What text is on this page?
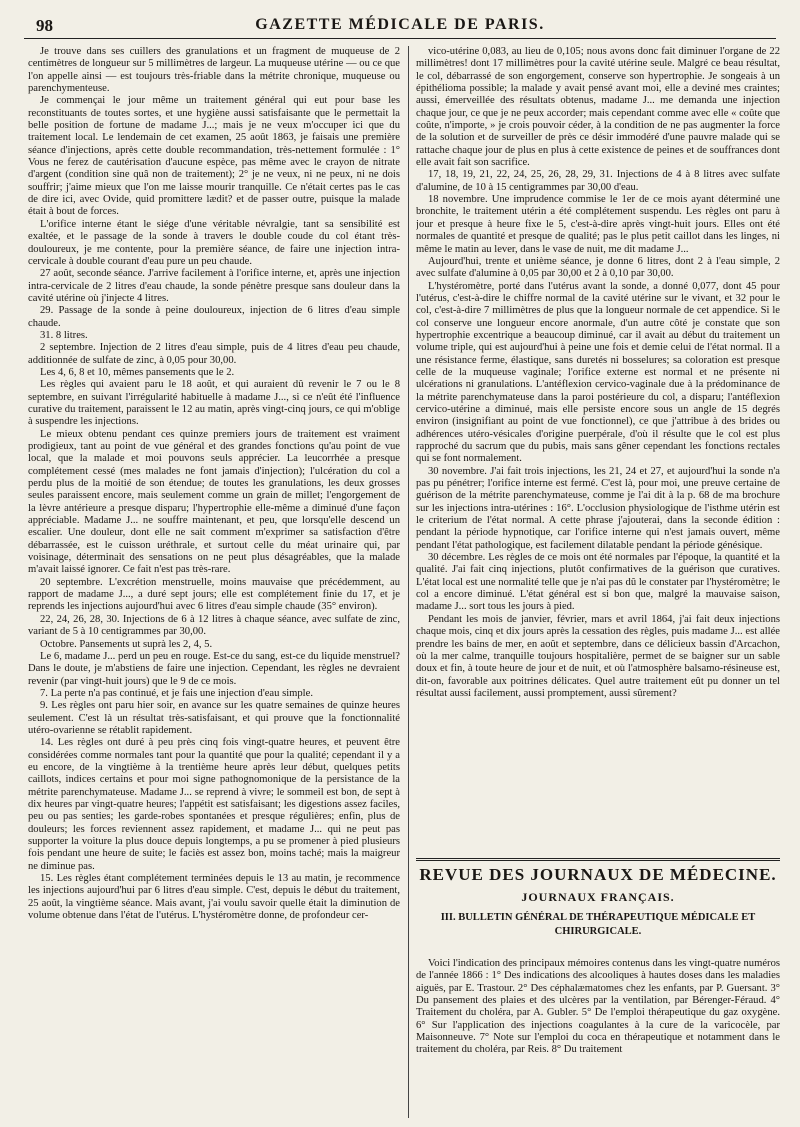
98	GAZETTE MÉDICALE DE PARIS.

Je trouve dans ses cuillers des granulations et un fragment de muqueuse de 2 centimètres de longueur sur 5 millimètres de largeur. La muqueuse utérine — ou ce que l'on appelle ainsi — est toujours très-friable dans la métrite chronique, muqueuse ou parenchymenteuse.

Je commençai le jour même un traitement général qui eut pour base les reconstituants de toutes sortes, et une hygiène aussi satisfaisante que le permettait la belle position de fortune de madame J...; mais je ne veux m'occuper ici que du traitement local. Le lendemain de cet examen, 25 août 1863, je faisais une première séance d'injections, après cette double recommandation, très-nettement formulée : 1° Vous ne ferez de cautérisation d'aucune espèce, pas même avec le crayon de nitrate d'argent (condition sine quâ non de traitement); 2° je ne veux, ni ne peux, ni ne dois souffrir; j'aime mieux que l'on me laisse mourir tranquille. Ce n'était certes pas le cas de dire ici, avec Ovide, quid promittere lædit? et de passer outre, puisque la malade était à bout de forces.

L'orifice interne étant le siége d'une véritable névralgie, tant sa sensibilité est exaltée, et le passage de la sonde à travers le double coude du col étant très-douloureux, je me contente, pour la première séance, de faire une injection intra-cervicale à double courant d'eau pure un peu chaude.

27 août, seconde séance. J'arrive facilement à l'orifice interne, et, après une injection intra-cervicale de 2 litres d'eau chaude, la sonde pénètre presque sans douleur dans la cavité utérine où j'injecte 4 litres.

29. Passage de la sonde à peine douloureux, injection de 6 litres d'eau simple chaude.

31. 8 litres.

2 septembre. Injection de 2 litres d'eau simple, puis de 4 litres d'eau peu chaude, additionnée de sulfate de zinc, à 0,05 pour 30,00.

Les 4, 6, 8 et 10, mêmes pansements que le 2.

Les règles qui avaient paru le 18 août, et qui auraient dû revenir le 7 ou le 8 septembre, en suivant l'irrégularité habituelle à madame J..., si ce n'eût été l'influence curative du traitement, paraissent le 12 au matin, après vingt-cinq jours, ce qui m'oblige à suspendre les injections.

Le mieux obtenu pendant ces quinze premiers jours de traitement est vraiment prodigieux, tant au point de vue général et des grandes fonctions qu'au point de vue local, que la malade et moi pouvons seuls apprécier. La leucorrhée a presque complétement cessé (mes malades ne font jamais d'injection); l'ulcération du col a perdu plus de la moitié de son étendue; de toutes les granulations, les deux grosses seules paraissent encore, mais seulement comme un grain de millet; l'engorgement de la lèvre antérieure a presque disparu; l'hypertrophie elle-même a diminué d'une façon appréciable. Madame J... ne souffre maintenant, et peu, que lorsqu'elle descend un escalier. Une douleur, dont elle ne sait comment m'exprimer sa satisfaction d'être débarrassée, est le cuisson uréthrale, et surtout celle du méat urinaire qui, par voisinage, déterminait des sensations on ne peut plus désagréables, que la malade m'avait laissé ignorer. Ce fait n'est pas très-rare.

20 septembre. L'excrétion menstruelle, moins mauvaise que précédemment, au rapport de madame J..., a duré sept jours; elle est complétement finie du 17, et je reprends les injections aujourd'hui avec 6 litres d'eau simple chaude (35° environ).

22, 24, 26, 28, 30. Injections de 6 à 12 litres à chaque séance, avec sulfate de zinc, variant de 5 à 10 centigrammes par 30,00.

Octobre. Pansements ut suprà les 2, 4, 5.

Le 6, madame J... perd un peu en rouge. Est-ce du sang, est-ce du liquide menstruel? Dans le doute, je m'abstiens de faire une injection. Cependant, les règles ne devraient revenir (par vingt-huit jours) que le 9 de ce mois.

7. La perte n'a pas continué, et je fais une injection d'eau simple.

9. Les règles ont paru hier soir, en avance sur les quatre semaines de quinze heures seulement. C'est là un résultat très-satisfaisant, et qui prouve que la fonctionnalité utéro-ovarienne se rétablit rapidement.

14. Les règles ont duré à peu près cinq fois vingt-quatre heures, et peuvent être considérées comme normales tant pour la quantité que pour la qualité; cependant il y a eu encore, de la vingtième à la trentième heure après leur début, quelques petits caillots, indices certains et pour moi signe pathognomonique de la persistance de la métrite parenchymateuse. Madame J... se reprend à vivre; le sommeil est bon, de sept à dix heures par vingt-quatre heures; l'appétit est satisfaisant; les digestions assez faciles, peu ou pas senties; les garde-robes spontanées et presque régulières; enfin, plus de douleurs; les forces reviennent assez rapidement, et madame J... qui ne peut pas supporter la voiture la plus douce depuis longtemps, a pu se promener à pied plusieurs fois pendant une heure de suite; le faciès est assez bon, moins taché; mais la maigreur ne diminue pas.

15. Les règles étant complétement terminées depuis le 13 au matin, je recommence les injections aujourd'hui par 6 litres d'eau simple. C'est, depuis le début du traitement, 25 août, la vingtième séance. Mais avant, j'ai voulu savoir quelle était la diminution de volume obtenue dans l'état de l'utérus. L'hystéromètre donne, de profondeur cer-

vico-utérine 0,083, au lieu de 0,105; nous avons donc fait diminuer l'organe de 22 millimètres! dont 17 millimètres pour la cavité utérine seule. Malgré ce beau résultat, le col, débarrassé de son engorgement, conserve son hypertrophie. Je songeais à un épithélioma possible; la malade y avait pensé avant moi, elle a deviné mes craintes; aussi, émerveillée des résultats obtenus, madame J... me demanda une injection chaque jour, ce que je ne peux accorder; mais cependant comme avec elle « coûte que coûte, n'importe, » je crois pouvoir céder, à la condition de ne pas augmenter la force de la solution et de surveiller de près ce désir immodéré d'une pauvre malade qui se rattache chaque jour de plus en plus à cette existence de peines et de souffrances dont elle avait fait son sacrifice.

17, 18, 19, 21, 22, 24, 25, 26, 28, 29, 31. Injections de 4 à 8 litres avec sulfate d'alumine, de 10 à 15 centigrammes par 30,00 d'eau.

18 novembre. Une imprudence commise le 1er de ce mois ayant déterminé une bronchite, le traitement utérin a été complétement suspendu. Les règles ont paru à jour et presque à heure fixe le 5, c'est-à-dire après vingt-huit jours. Elles ont été normales de quantité et presque de qualité; pas le plus petit caillot dans les linges, ni même le matin au lever, dans le vase de nuit, me dit madame J...

Aujourd'hui, trente et unième séance, je donne 6 litres, dont 2 à l'eau simple, 2 avec sulfate d'alumine à 0,05 par 30,00 et 2 à 0,10 par 30,00.

L'hystéromètre, porté dans l'utérus avant la sonde, a donné 0,077, dont 45 pour l'utérus, c'est-à-dire le chiffre normal de la cavité utérine sur le vivant, et 32 pour le col, c'est-à-dire 7 millimètres de plus que la longueur normale de cet appendice. Si le col conserve une longueur encore anormale, d'un autre côté je constate que son hypertrophie excentrique a beaucoup diminué, car il avait au début du traitement un volume triple, qui est aujourd'hui à peine une fois et demie celui de l'état normal. Il a une résistance ferme, élastique, sans duretés ni bosselures; sa coloration est presque celle de la muqueuse vaginale; l'orifice externe est normal et ne présente ni ulcérations ni granulations. L'antéflexion cervico-vaginale due à la prédominance de la métrite parenchymateuse dans la paroi postérieure du col, a disparu; l'antéflexion cervico-utérine a diminué, mais elle persiste encore sous un angle de 15 degrés environ (insignifiant au point de vue fonctionnel), ce que j'attribue à des brides ou adhérences utéro-vésicales d'origine puerpérale, d'où il résulte que le col est plus rapproché du sacrum que du pubis, mais sans gêner cependant les fonctions rectales qui se font normalement.

30 novembre. J'ai fait trois injections, les 21, 24 et 27, et aujourd'hui la sonde n'a pas pu pénétrer; l'orifice interne est fermé. C'est là, pour moi, une preuve certaine de guérison de la métrite parenchymateuse, comme je l'ai dit à la p. 68 de ma brochure sur les injections intra-utérines : 16°. L'occlusion physiologique de l'isthme utérin est le criterium de l'état normal. A cette phrase j'ajouterai, dans la seconde édition : pendant la période hypnotique, car l'orifice interne qui n'est jamais ouvert, même pendant l'état pathologique, est facilement dilatable pendant la période génésique.

30 décembre. Les règles de ce mois ont été normales par l'époque, la quantité et la qualité. J'ai fait cinq injections, plutôt confirmatives de la guérison que curatives. L'état local est une normalité telle que je n'ai pas dû le constater par l'hystéromètre; le col a encore diminué. L'état général est si bon que, malgré la mauvaise saison, madame J... sort tous les jours à pied.

Pendant les mois de janvier, février, mars et avril 1864, j'ai fait deux injections chaque mois, cinq et dix jours après la cessation des règles, puis madame J... est allée prendre les bains de mer, en août et septembre, dans ce délicieux bassin d'Arcachon, où la mer calme, tranquille toujours hospitalière, permet de se baigner sur un sable doux et fin, à toute heure de jour et de nuit, et où l'atmosphère balsamo-résineuse est, dit-on, favorable aux poitrines délicates. Quel autre traitement eût pu donner un tel résultat aussi facilement, aussi promptement, aussi sûrement?

REVUE DES JOURNAUX DE MÉDECINE.
JOURNAUX FRANÇAIS.
III. BULLETIN GÉNÉRAL DE THÉRAPEUTIQUE MÉDICALE ET CHIRURGICALE.

Voici l'indication des principaux mémoires contenus dans les vingt-quatre numéros de l'année 1866 : 1° Des indications des alcooliques à hautes doses dans les maladies aiguës, par E. Trastour. 2° Des céphalæmatomes chez les enfants, par P. Guersant. 3° Du pansement des plaies et des ulcères par la ventilation, par Bérenger-Féraud. 4° Traitement du choléra, par A. Gubler. 5° De l'emploi thérapeutique du gaz oxygène. 6° Sur l'application des injections coagulantes à la cure de la varicocèle, par Maisonneuve. 7° Note sur l'emploi du coca en thérapeutique et notamment dans le traitement du choléra, par Reis. 8° Du traitement
